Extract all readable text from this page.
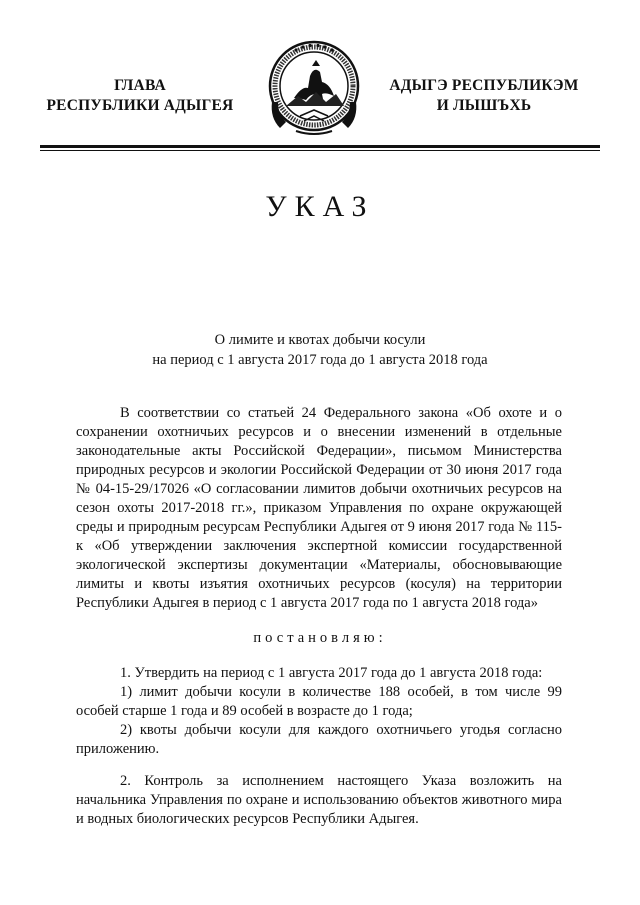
ГЛАВА
РЕСПУБЛИКИ АДЫГЕЯ
АДЫГЭ РЕСПУБЛИКЭМ
И ЛЫШЪХЬ
УКАЗ
О лимите и квотах добычи косули
на период с 1 августа 2017 года до 1 августа 2018 года

В соответствии со статьей 24 Федерального закона «Об охоте и о сохранении охотничьих ресурсов и о внесении изменений в отдельные законодательные акты Российской Федерации», письмом Министерства природных ресурсов и экологии Российской Федерации от 30 июня 2017 года № 04-15-29/17026 «О согласовании лимитов добычи охотничьих ресурсов на сезон охоты 2017-2018 гг.», приказом Управления по охране окружающей среды и природным ресурсам Республики Адыгея от 9 июня 2017 года № 115-к «Об утверждении заключения экспертной комиссии государственной экологической экспертизы документации «Материалы, обосновывающие лимиты и квоты изъятия охотничьих ресурсов (косуля) на территории Республики Адыгея в период с 1 августа 2017 года по 1 августа 2018 года»

постановляю:
1. Утвердить на период с 1 августа 2017 года до 1 августа 2018 года:
1) лимит добычи косули в количестве 188 особей, в том числе 99 особей старше 1 года и 89 особей в возрасте до 1 года;
2) квоты добычи косули для каждого охотничьего угодья согласно приложению.

2. Контроль за исполнением настоящего Указа возложить на начальника Управления по охране и использованию объектов животного мира и водных биологических ресурсов Республики Адыгея.
